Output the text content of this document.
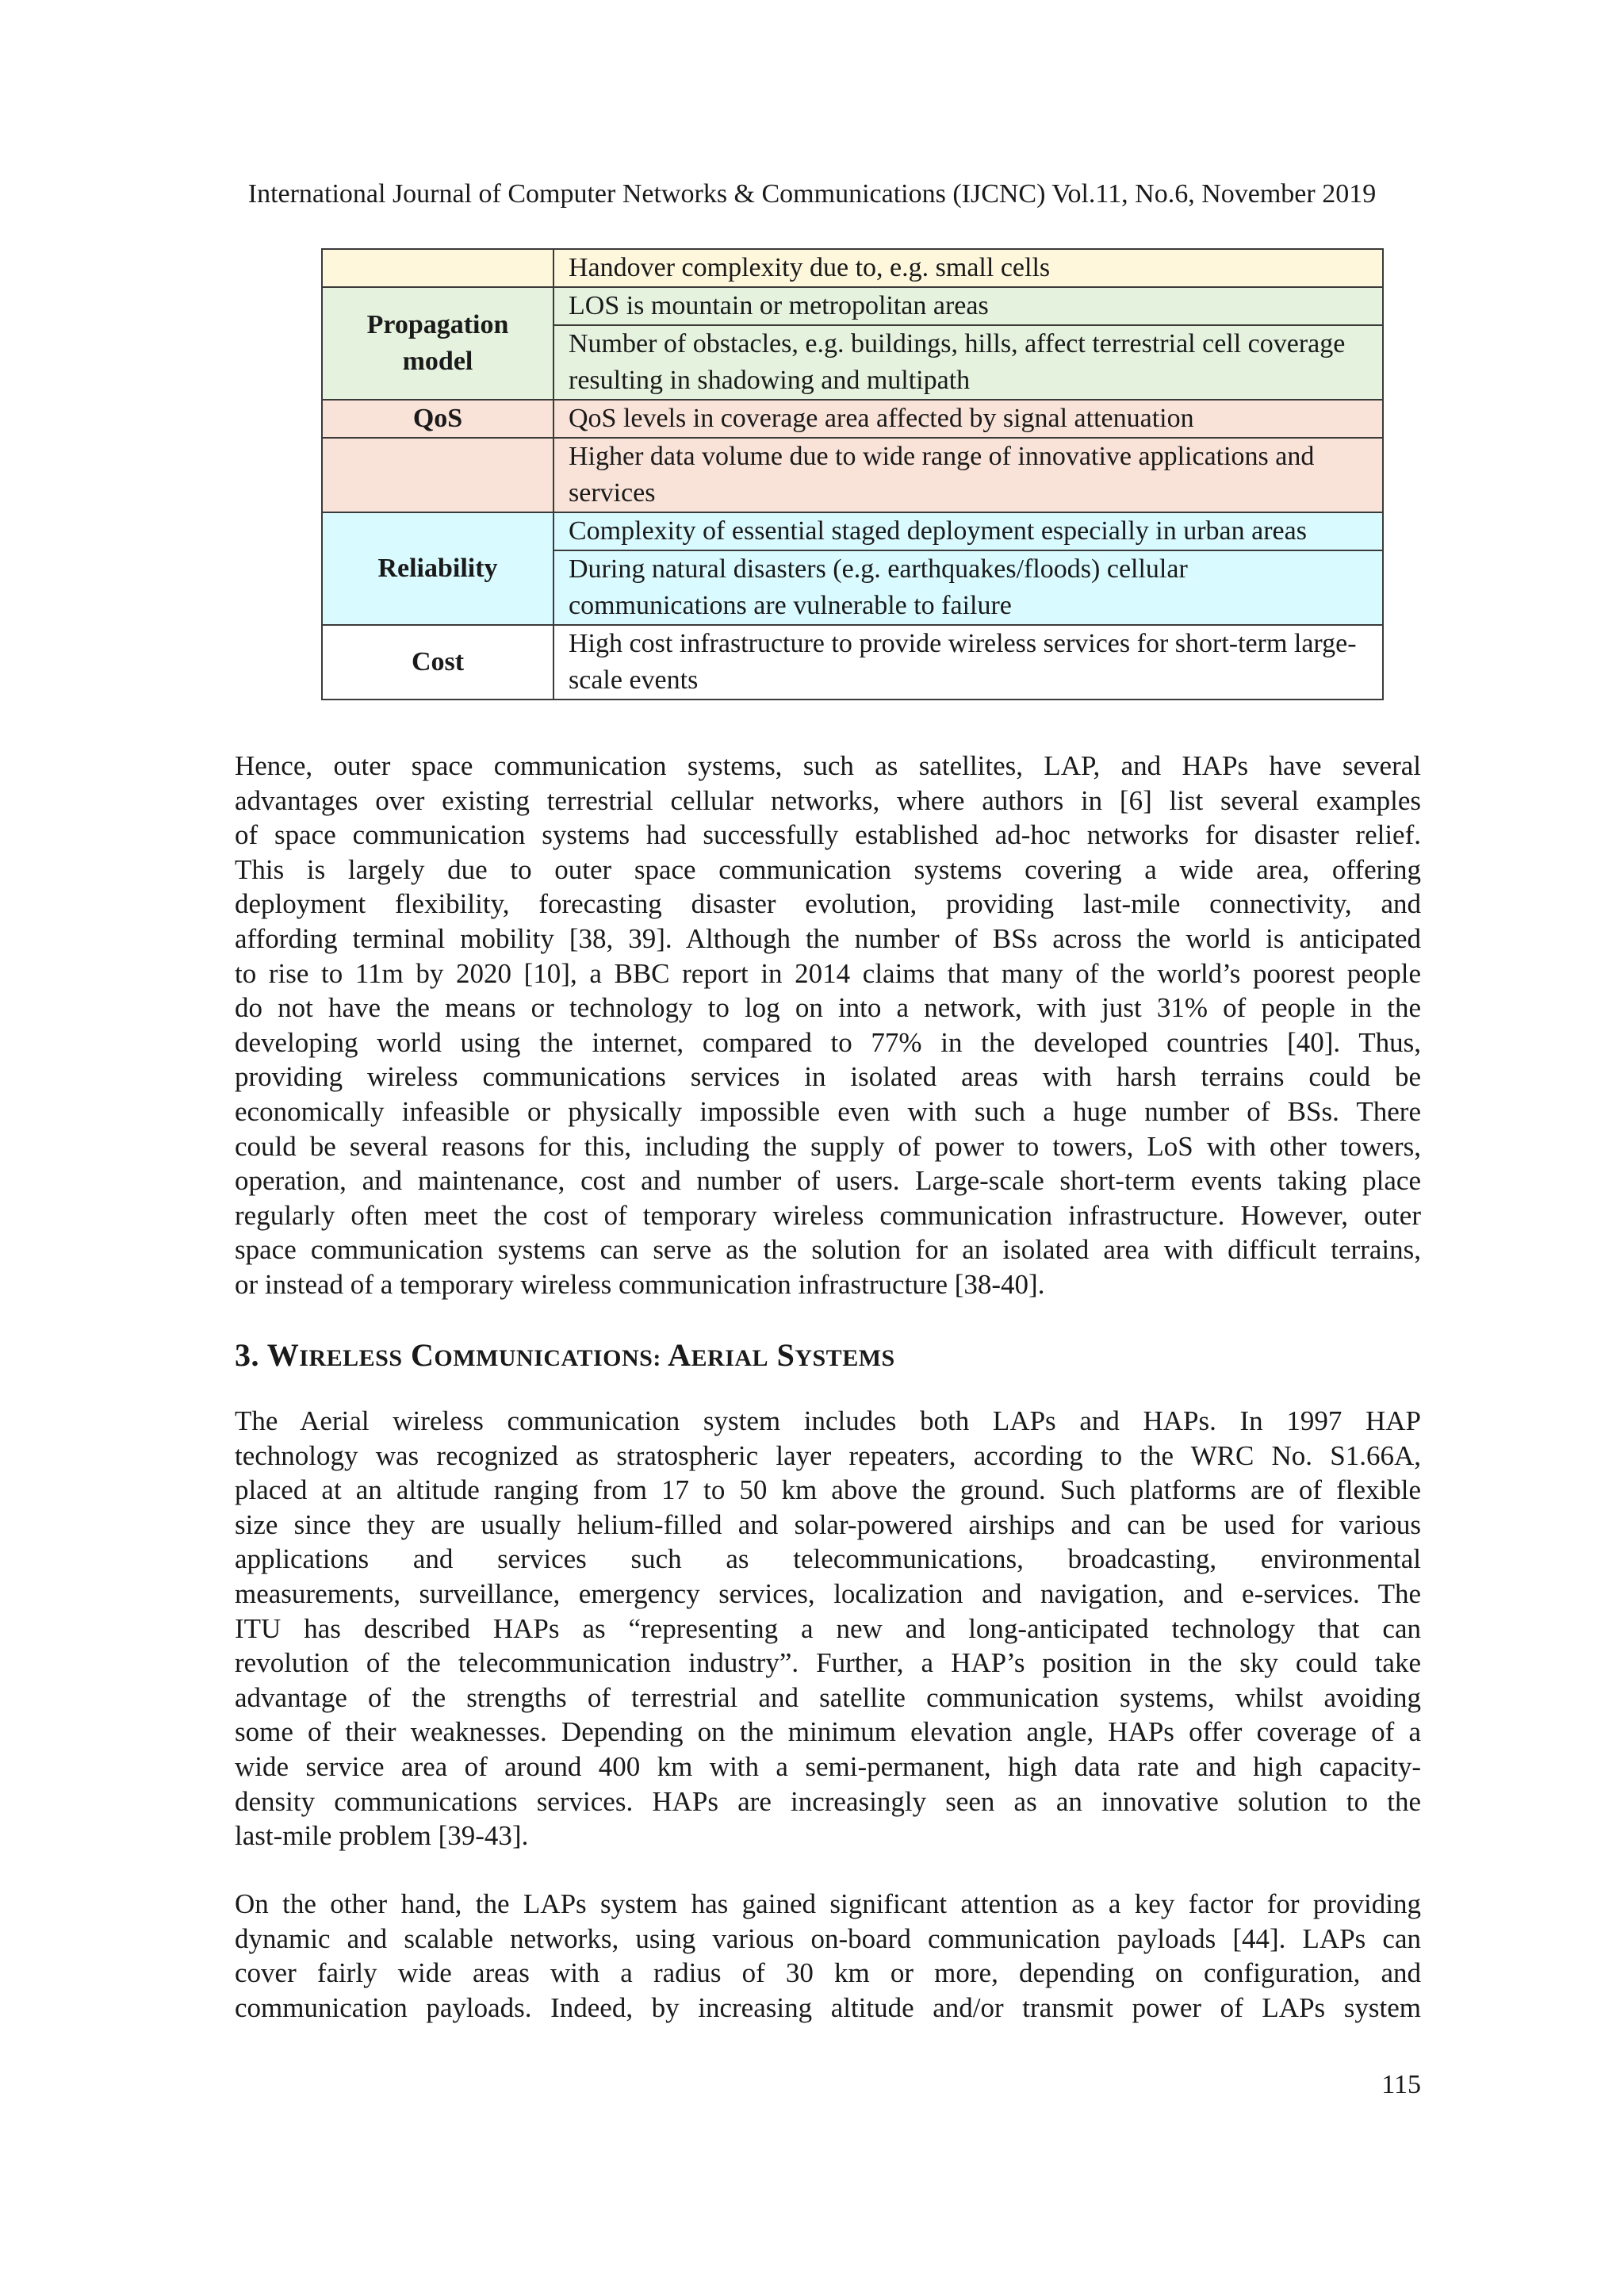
International Journal of Computer Networks & Communications (IJCNC) Vol.11, No.6, November 2019
	Handover complexity due to, e.g. small cells
Propagation model	LOS is mountain or metropolitan areas
	Number of obstacles, e.g. buildings, hills, affect terrestrial cell coverage resulting in shadowing and multipath
QoS	QoS levels in coverage area affected by signal attenuation
	Higher data volume due to wide range of innovative applications and services
Reliability	Complexity of essential staged deployment especially in urban areas
	During natural disasters (e.g. earthquakes/floods) cellular communications are vulnerable to failure
Cost	High cost infrastructure to provide wireless services for short-term large-scale events
Hence, outer space communication systems, such as satellites, LAP, and HAPs have several
advantages over existing terrestrial cellular networks, where authors in [6] list several examples
of space communication systems had successfully established ad-hoc networks for disaster relief.
This is largely due to outer space communication systems covering a wide area, offering
deployment flexibility, forecasting disaster evolution, providing last-mile connectivity, and
affording terminal mobility [38, 39]. Although the number of BSs across the world is anticipated
to rise to 11m by 2020 [10], a BBC report in 2014 claims that many of the world’s poorest people
do not have the means or technology to log on into a network, with just 31% of people in the
developing world using the internet, compared to 77% in the developed countries [40]. Thus,
providing wireless communications services in isolated areas with harsh terrains could be
economically infeasible or physically impossible even with such a huge number of BSs. There
could be several reasons for this, including the supply of power to towers, LoS with other towers,
operation, and maintenance, cost and number of users. Large-scale short-term events taking place
regularly often meet the cost of temporary wireless communication infrastructure. However, outer
space communication systems can serve as the solution for an isolated area with difficult terrains,
or instead of a temporary wireless communication infrastructure [38-40].
3. WIRELESS COMMUNICATIONS: AERIAL SYSTEMS
The Aerial wireless communication system includes both LAPs and HAPs. In 1997 HAP
technology was recognized as stratospheric layer repeaters, according to the WRC No. S1.66A,
placed at an altitude ranging from 17 to 50 km above the ground. Such platforms are of flexible
size since they are usually helium-filled and solar-powered airships and can be used for various
applications and services such as telecommunications, broadcasting, environmental
measurements, surveillance, emergency services, localization and navigation, and e-services. The
ITU has described HAPs as “representing a new and long-anticipated technology that can
revolution of the telecommunication industry”. Further, a HAP’s position in the sky could take
advantage of the strengths of terrestrial and satellite communication systems, whilst avoiding
some of their weaknesses. Depending on the minimum elevation angle, HAPs offer coverage of a
wide service area of around 400 km with a semi-permanent, high data rate and high capacity-
density communications services. HAPs are increasingly seen as an innovative solution to the
last-mile problem [39-43].
On the other hand, the LAPs system has gained significant attention as a key factor for providing
dynamic and scalable networks, using various on-board communication payloads [44]. LAPs can
cover fairly wide areas with a radius of 30 km or more, depending on configuration, and
communication payloads. Indeed, by increasing altitude and/or transmit power of LAPs system
115
